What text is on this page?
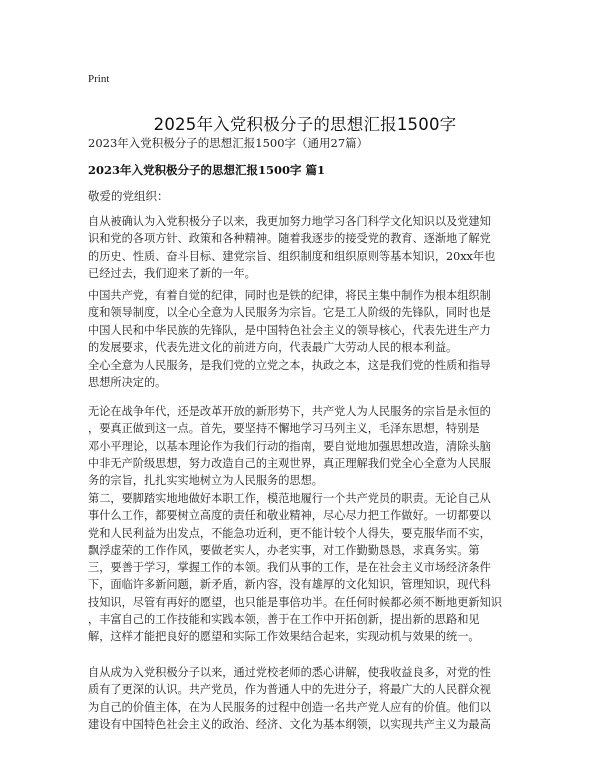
Print
2025年入党积极分子的思想汇报1500字
2023年入党积极分子的思想汇报1500字（通用27篇）
2023年入党积极分子的思想汇报1500字 篇1
敬爱的党组织：
自从被确认为入党积极分子以来，我更加努力地学习各门科学文化知识以及党建知
识和党的各项方针、政策和各种精神。随着我逐步的接受党的教育、逐渐地了解党
的历史、性质、奋斗目标、建党宗旨、组织制度和组织原则等基本知识，20xx年也
已经过去，我们迎来了新的一年。
中国共产党，有着自觉的纪律，同时也是铁的纪律，将民主集中制作为根本组织制
度和领导制度，以全心全意为人民服务为宗旨。它是工人阶级的先锋队，同时也是
中国人民和中华民族的先锋队，是中国特色社会主义的领导核心，代表先进生产力
的发展要求，代表先进文化的前进方向，代表最广大劳动人民的根本利益。
全心全意为人民服务，是我们党的立党之本，执政之本，这是我们党的性质和指导
思想所决定的。
无论在战争年代，还是改革开放的新形势下，共产党人为人民服务的宗旨是永恒的
，要真正做到这一点。首先，要坚持不懈地学习马列主义，毛泽东思想，特别是
邓小平理论，以基本理论作为我们行动的指南，要自觉地加强思想改造，清除头脑
中非无产阶级思想，努力改造自己的主观世界，真正理解我们党全心全意为人民服
务的宗旨，扎扎实实地树立为人民服务的思想。
第二，要脚踏实地地做好本职工作，模范地履行一个共产党员的职责。无论自己从
事什么工作，都要树立高度的责任和敬业精神，尽心尽力把工作做好。一切都要以
党和人民利益为出发点，不能急功近利，更不能计较个人得失，要克服华而不实，
飘浮虚荣的工作作风，要做老实人，办老实事，对工作勤勤恳恳，求真务实。第
三，要善于学习，掌握工作的本领。我们从事的工作，是在社会主义市场经济条件
下，面临许多新问题，新矛盾，新内容，没有雄厚的文化知识，管理知识，现代科
技知识，尽管有再好的愿望，也只能是事倍功半。在任何时候都必须不断地更新知识
，丰富自己的工作技能和实践本领，善于在工作中开拓创新，提出新的思路和见
解，这样才能把良好的愿望和实际工作效果结合起来，实现动机与效果的统一。
自从成为入党积极分子以来，通过党校老师的悉心讲解，使我收益良多，对党的性
质有了更深的认识。共产党员，作为普通人中的先进分子，将最广大的人民群众视
为自己的价值主体，在为人民服务的过程中创造一名共产党人应有的价值。他们以
建设有中国特色社会主义的政治、经济、文化为基本纲领，以实现共产主义为最高
